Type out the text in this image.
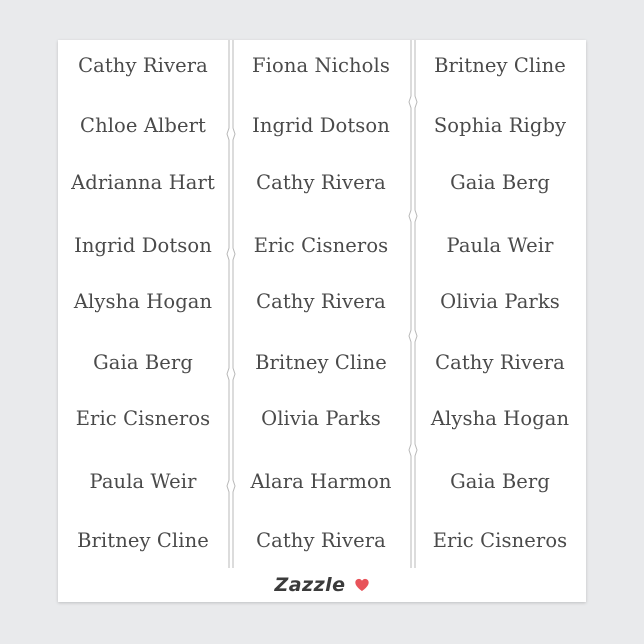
Cathy Rivera
Chloe Albert
Adrianna Hart
Ingrid Dotson
Alysha Hogan
Gaia Berg
Eric Cisneros
Paula Weir
Britney Cline
Fiona Nichols
Ingrid Dotson
Cathy Rivera
Eric Cisneros
Cathy Rivera
Britney Cline
Olivia Parks
Alara Harmon
Cathy Rivera
Britney Cline
Sophia Rigby
Gaia Berg
Paula Weir
Olivia Parks
Cathy Rivera
Alysha Hogan
Gaia Berg
Eric Cisneros
Zazzle
